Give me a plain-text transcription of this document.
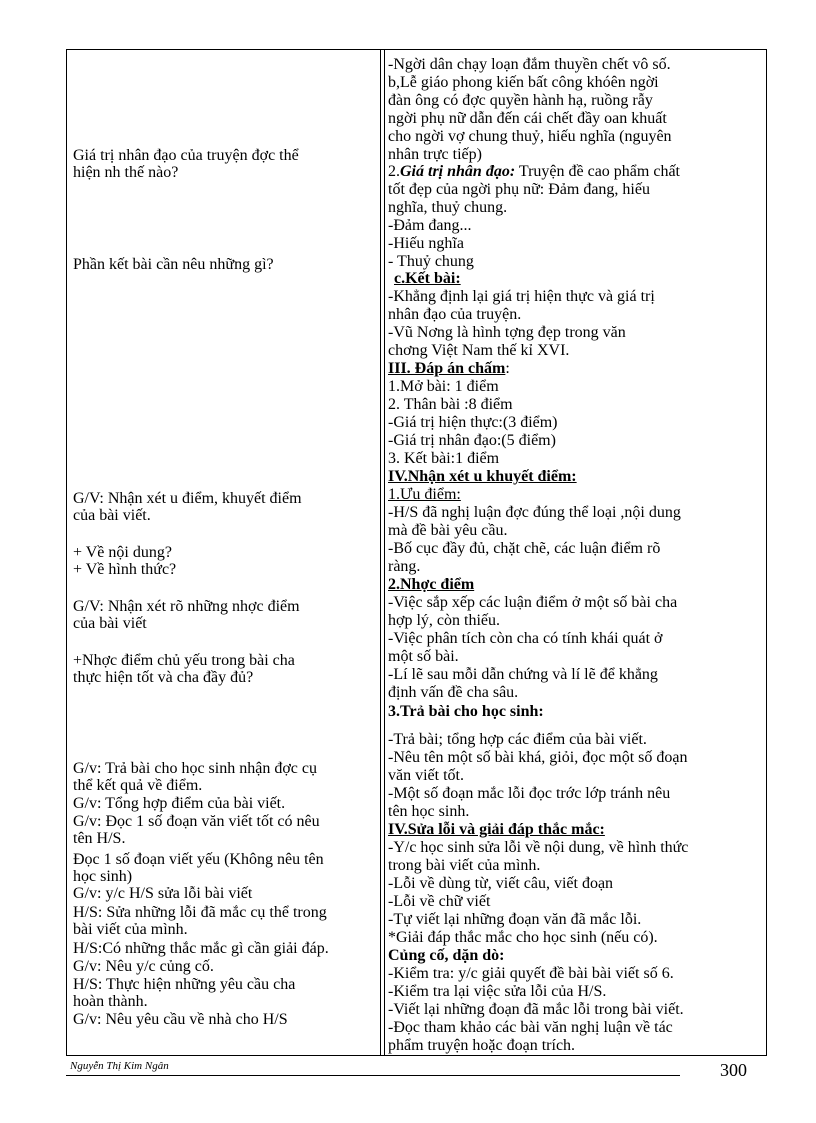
Giá trị nhân đạo của truyện đợc thể
hiện nh thế nào?
Phần kết bài cần nêu những gì?
G/V: Nhận xét u điểm, khuyết điểm
của bài viết.
+ Về nội dung?
+ Về hình thức?
G/V: Nhận xét rõ những nhợc điểm
của bài viết
+Nhợc điểm chủ yếu trong bài cha
thực hiện tốt và cha đầy đủ?
G/v: Trả bài cho học sinh nhận đợc cụ
thể kết quả về điểm.
G/v: Tổng hợp điểm của bài viết.
G/v: Đọc 1 số đoạn văn viết tốt có nêu
tên H/S.
Đọc 1 số đoạn viết yếu (Không nêu tên
học sinh)
G/v: y/c H/S sửa lỗi bài viết
H/S: Sửa những lỗi đã mắc cụ thể trong
bài viết của mình.
H/S:Có những thắc mắc gì cần giải đáp.
G/v: Nêu y/c củng cố.
H/S: Thực hiện những yêu cầu cha
hoàn thành.
G/v: Nêu yêu cầu về nhà cho H/S
-Ngời dân chạy loạn đắm thuyền chết vô số.
b,Lễ giáo phong kiến bất công khóên ngời
đàn ông có đợc quyền hành hạ, ruồng rẫy
ngời phụ nữ dẫn đến cái chết đầy oan khuất
cho ngời vợ chung thuỷ, hiếu nghĩa (nguyên
nhân trực tiếp)
2.Giá trị nhân đạo: Truyện đề cao phẩm chất
tốt đẹp của ngời phụ nữ: Đảm đang, hiếu
nghĩa, thuỷ chung.
-Đảm đang...
-Hiếu nghĩa
- Thuỷ chung
c.Kết bài:
-Khẳng định lại giá trị hiện thực và giá trị
nhân đạo của truyện.
-Vũ Nơng là hình tợng đẹp trong văn
chơng Việt Nam thế kỉ XVI.
III. Đáp án chấm:
1.Mở bài: 1 điểm
2. Thân bài :8 điểm
-Giá trị hiện thực:(3 điểm)
-Giá trị nhân đạo:(5 điểm)
3. Kết bài:1 điểm
IV.Nhận xét u khuyết điểm:
1.Ưu điểm:
-H/S đã nghị luận đợc đúng thể loại ,nội dung
mà đề bài yêu cầu.
-Bố cục đầy đủ, chặt chẽ, các luận điểm rõ
ràng.
2.Nhợc điểm
-Việc sắp xếp các luận điểm ở một số bài cha
hợp lý, còn thiếu.
-Việc phân tích còn cha có tính khái quát ở
một số bài.
-Lí lẽ sau mỗi dẫn chứng và lí lẽ để khẳng
định vấn đề cha sâu.
3.Trả bài cho học sinh:
-Trả bài; tổng hợp các điểm của bài viết.
-Nêu tên một số bài khá, giỏi, đọc một số đoạn
văn viết tốt.
-Một số đoạn mắc lỗi đọc trớc lớp tránh nêu
tên học sinh.
IV.Sửa lỗi và giải đáp thắc mắc:
-Y/c học sinh sửa lỗi về nội dung, về hình thức
trong bài viết của mình.
-Lỗi về dùng từ, viết câu, viết đoạn
-Lỗi về chữ viết
-Tự viết lại những đoạn văn đã mắc lỗi.
*Giải đáp thắc mắc cho học sinh (nếu có).
Củng cố, dặn dò:
-Kiểm tra: y/c giải quyết đề bài bài viết số 6.
-Kiểm tra lại việc sửa lỗi của H/S.
-Viết lại những đoạn đã mắc lỗi trong bài viết.
-Đọc tham khảo các bài văn nghị luận về tác
phẩm truyện hoặc đoạn trích.
Nguyễn Thị Kim Ngân	300
